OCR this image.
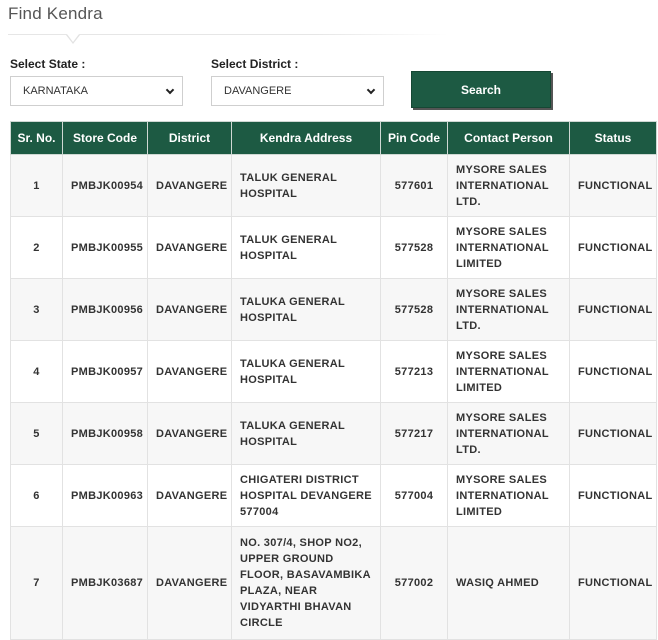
Find Kendra
Select State :
KARNATAKA
Select District :
DAVANGERE	Search
Sr. No.	Store Code	District	Kendra Address	Pin Code	Contact Person	Status
1	PMBJK00954	DAVANGERE	TALUK GENERAL HOSPITAL	577601	MYSORE SALES INTERNATIONAL LTD.	FUNCTIONAL
2	PMBJK00955	DAVANGERE	TALUK GENERAL HOSPITAL	577528	MYSORE SALES INTERNATIONAL LIMITED	FUNCTIONAL
3	PMBJK00956	DAVANGERE	TALUKA GENERAL HOSPITAL	577528	MYSORE SALES INTERNATIONAL LTD.	FUNCTIONAL
4	PMBJK00957	DAVANGERE	TALUKA GENERAL HOSPITAL	577213	MYSORE SALES INTERNATIONAL LIMITED	FUNCTIONAL
5	PMBJK00958	DAVANGERE	TALUKA GENERAL HOSPITAL	577217	MYSORE SALES INTERNATIONAL LTD.	FUNCTIONAL
6	PMBJK00963	DAVANGERE	CHIGATERI DISTRICT HOSPITAL DEVANGERE 577004	577004	MYSORE SALES INTERNATIONAL LIMITED	FUNCTIONAL
7	PMBJK03687	DAVANGERE	NO. 307/4, SHOP NO2, UPPER GROUND FLOOR, BASAVAMBIKA PLAZA, NEAR VIDYARTHI BHAVAN CIRCLE	577002	WASIQ AHMED	FUNCTIONAL
